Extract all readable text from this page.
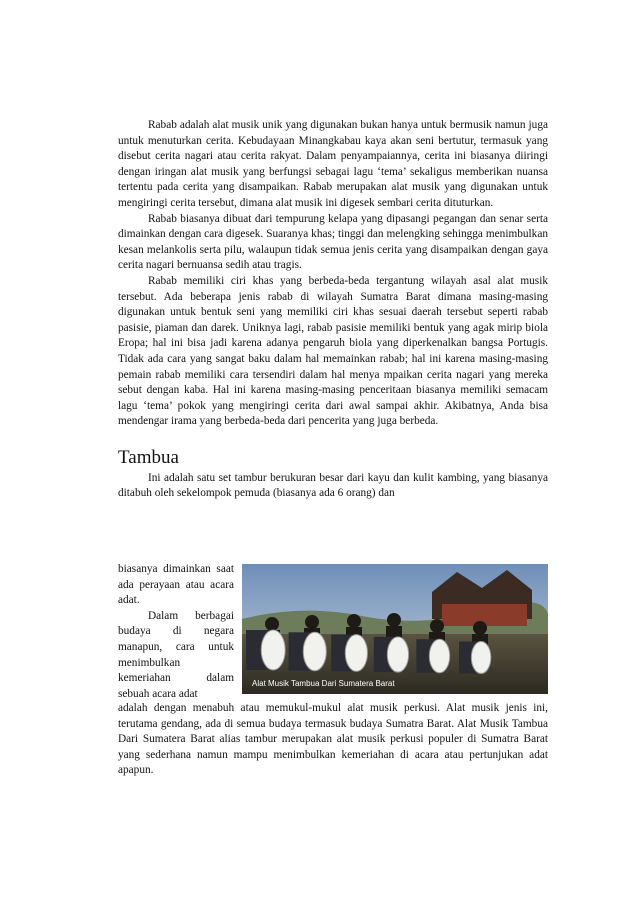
Rabab adalah alat musik unik yang digunakan bukan hanya untuk bermusik namun juga untuk menuturkan cerita. Kebudayaan Minangkabau kaya akan seni bertutur, termasuk yang disebut cerita nagari atau cerita rakyat. Dalam penyampaiannya, cerita ini biasanya diiringi dengan iringan alat musik yang berfungsi sebagai lagu ‘tema’ sekaligus memberikan nuansa tertentu pada cerita yang disampaikan. Rabab merupakan alat musik yang digunakan untuk mengiringi cerita tersebut, dimana alat musik ini digesek sembari cerita dituturkan.

Rabab biasanya dibuat dari tempurung kelapa yang dipasangi pegangan dan senar serta dimainkan dengan cara digesek. Suaranya khas; tinggi dan melengking sehingga menimbulkan kesan melankolis serta pilu, walaupun tidak semua jenis cerita yang disampaikan dengan gaya cerita nagari bernuansa sedih atau tragis.

Rabab memiliki ciri khas yang berbeda-beda tergantung wilayah asal alat musik tersebut. Ada beberapa jenis rabab di wilayah Sumatra Barat dimana masing-masing digunakan untuk bentuk seni yang memiliki ciri khas sesuai daerah tersebut seperti rabab pasisie, piaman dan darek. Uniknya lagi, rabab pasisie memiliki bentuk yang agak mirip biola Eropa; hal ini bisa jadi karena adanya pengaruh biola yang diperkenalkan bangsa Portugis. Tidak ada cara yang sangat baku dalam hal memainkan rabab; hal ini karena masing-masing pemain rabab memiliki cara tersendiri dalam hal menya mpaikan cerita nagari yang mereka sebut dengan kaba. Hal ini karena masing-masing penceritaan biasanya memiliki semacam lagu ‘tema’ pokok yang mengiringi cerita dari awal sampai akhir. Akibatnya, Anda bisa mendengar irama yang berbeda-beda dari pencerita yang juga berbeda.

Tambua

Ini adalah satu set tambur berukuran besar dari kayu dan kulit kambing, yang biasanya ditabuh oleh sekelompok pemuda (biasanya ada 6 orang) dan

Alat Musik Tambua Dari Sumatera Barat
biasanya dimainkan saat ada perayaan atau acara adat.
Dalam berbagai budaya di negara manapun, cara untuk menimbulkan kemeriahan dalam sebuah acara adat
adalah dengan menabuh atau memukul-mukul alat musik perkusi. Alat musik jenis ini, terutama gendang, ada di semua budaya termasuk budaya Sumatra Barat. Alat Musik Tambua Dari Sumatera Barat alias tambur merupakan alat musik perkusi populer di Sumatra Barat yang sederhana namun mampu menimbulkan kemeriahan di acara atau pertunjukan adat apapun.
